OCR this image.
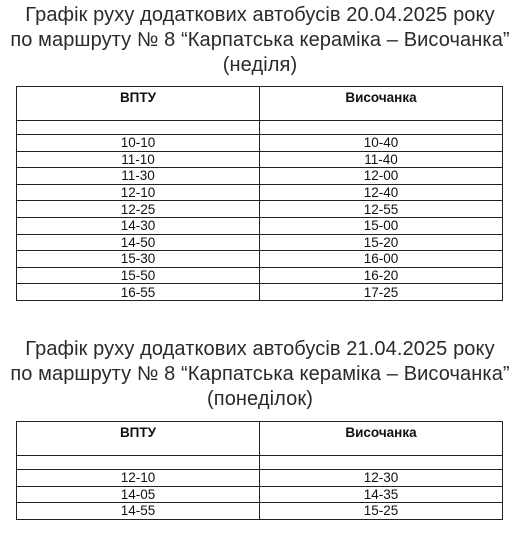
Графік руху додаткових автобусів 20.04.2025 року
по маршруту № 8 “Карпатська кераміка – Височанка”
(неділя)
ВПТУ	Височанка

10-10	10-40
11-10	11-40
11-30	12-00
12-10	12-40
12-25	12-55
14-30	15-00
14-50	15-20
15-30	16-00
15-50	16-20
16-55	17-25
Графік руху додаткових автобусів 21.04.2025 року
по маршруту № 8 “Карпатська кераміка – Височанка”
(понеділок)
ВПТУ	Височанка

12-10	12-30
14-05	14-35
14-55	15-25
